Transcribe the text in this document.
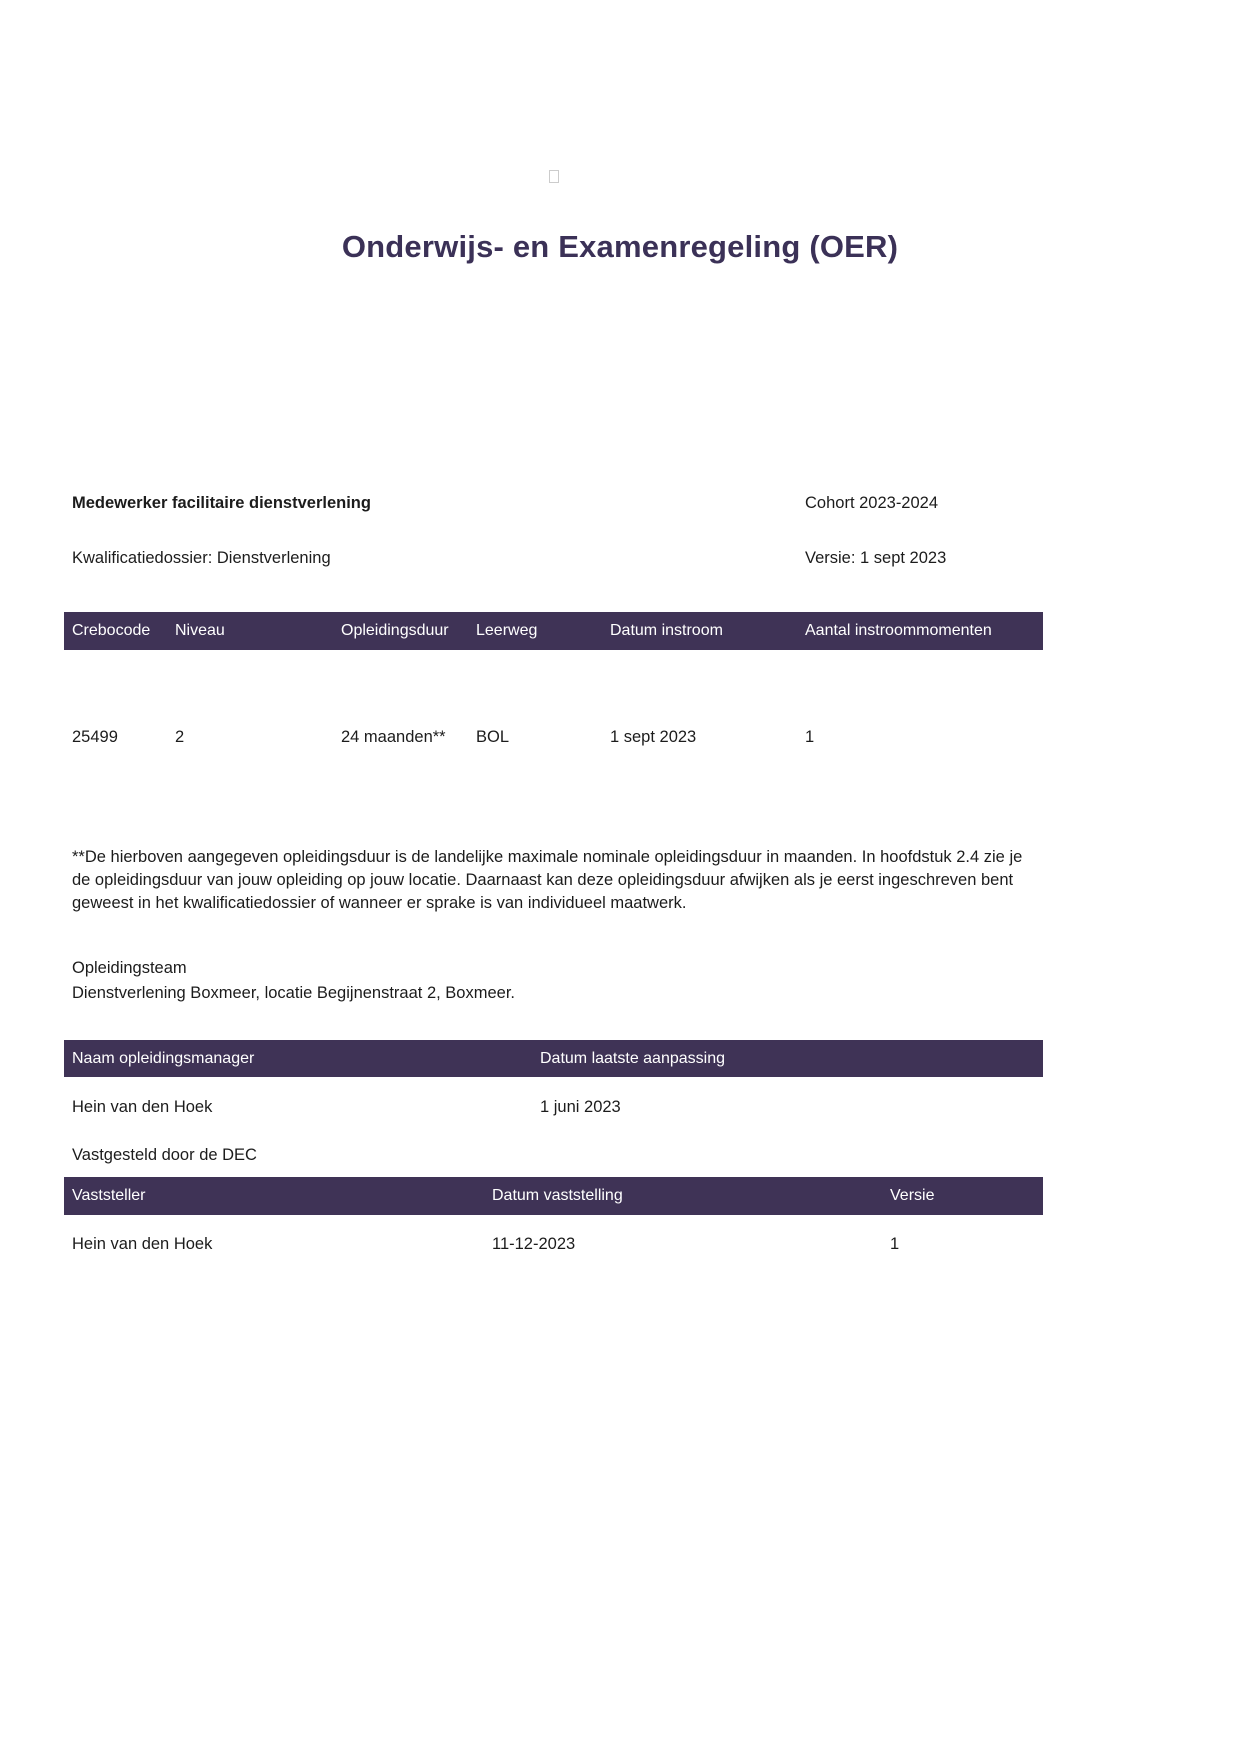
Onderwijs- en Examenregeling (OER)
Medewerker facilitaire dienstverlening	Cohort 2023-2024
Kwalificatiedossier: Dienstverlening	Versie: 1 sept 2023
Crebocode	Niveau	Opleidingsduur	Leerweg	Datum instroom	Aantal instroommomenten
25499	2	24 maanden**	BOL	1 sept 2023	1

**De hierboven aangegeven opleidingsduur is de landelijke maximale nominale opleidingsduur in maanden. In hoofdstuk 2.4 zie je de opleidingsduur van jouw opleiding op jouw locatie. Daarnaast kan deze opleidingsduur afwijken als je eerst ingeschreven bent geweest in het kwalificatiedossier of wanneer er sprake is van individueel maatwerk.

Opleidingsteam
Dienstverlening Boxmeer, locatie Begijnenstraat 2, Boxmeer.
Naam opleidingsmanager	Datum laatste aanpassing
Hein van den Hoek	1 juni 2023
Vastgesteld door de DEC
Vaststeller	Datum vaststelling	Versie
Hein van den Hoek	11-12-2023	1
